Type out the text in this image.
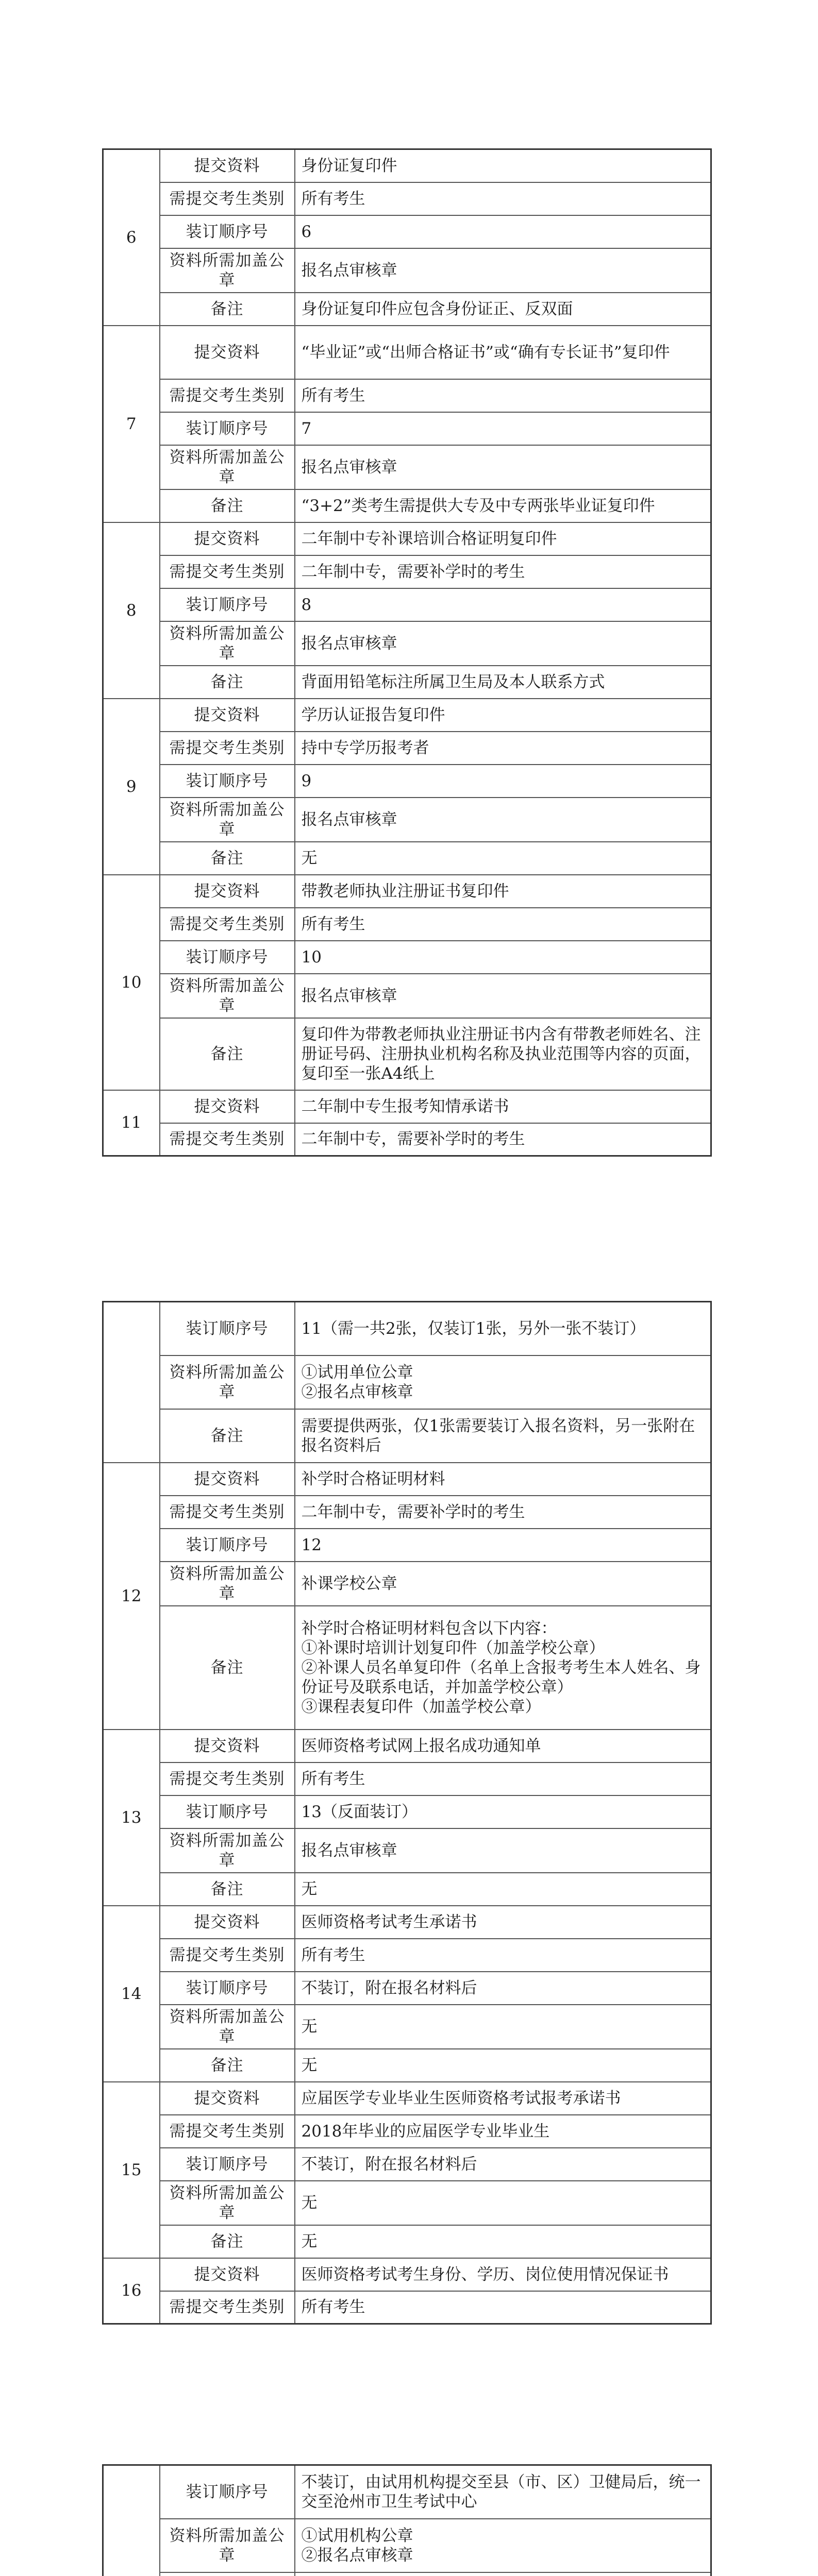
6	提交资料	身份证复印件

	需提交考生类别	所有考生

	装订顺序号	6

	资料所需加盖公章	报名点审核章

	备注	身份证复印件应包含身份证正、反双面

7	提交资料	“毕业证”或“出师合格证书”或“确有专长证书”复印件

	需提交考生类别	所有考生

	装订顺序号	7

	资料所需加盖公章	报名点审核章

	备注	“3+2”类考生需提供大专及中专两张毕业证复印件

8	提交资料	二年制中专补课培训合格证明复印件

	需提交考生类别	二年制中专，需要补学时的考生

	装订顺序号	8

	资料所需加盖公章	报名点审核章

	备注	背面用铅笔标注所属卫生局及本人联系方式

9	提交资料	学历认证报告复印件

	需提交考生类别	持中专学历报考者

	装订顺序号	9

	资料所需加盖公章	报名点审核章

	备注	无

10	提交资料	带教老师执业注册证书复印件

	需提交考生类别	所有考生

	装订顺序号	10

	资料所需加盖公章	报名点审核章

	备注	复印件为带教老师执业注册证书内含有带教老师姓名、注册证号码、注册执业机构名称及执业范围等内容的页面，复印至一张A4纸上

11	提交资料	二年制中专生报考知情承诺书

	需提交考生类别	二年制中专，需要补学时的考生
	装订顺序号	11（需一共2张，仅装订1张，另外一张不装订）

	资料所需加盖公章	①试用单位公章
②报名点审核章

	备注	需要提供两张，仅1张需要装订入报名资料，另一张附在报名资料后

12	提交资料	补学时合格证明材料

	需提交考生类别	二年制中专，需要补学时的考生

	装订顺序号	12

	资料所需加盖公章	补课学校公章

	备注	补学时合格证明材料包含以下内容：
①补课时培训计划复印件（加盖学校公章）
②补课人员名单复印件（名单上含报考考生本人姓名、身份证号及联系电话，并加盖学校公章）
③课程表复印件（加盖学校公章）

13	提交资料	医师资格考试网上报名成功通知单

	需提交考生类别	所有考生

	装订顺序号	13（反面装订）

	资料所需加盖公章	报名点审核章

	备注	无

14	提交资料	医师资格考试考生承诺书

	需提交考生类别	所有考生

	装订顺序号	不装订，附在报名材料后

	资料所需加盖公章	无

	备注	无

15	提交资料	应届医学专业毕业生医师资格考试报考承诺书

	需提交考生类别	2018年毕业的应届医学专业毕业生

	装订顺序号	不装订，附在报名材料后

	资料所需加盖公章	无

	备注	无

16	提交资料	医师资格考试考生身份、学历、岗位使用情况保证书

	需提交考生类别	所有考生
	装订顺序号	不装订，由试用机构提交至县（市、区）卫健局后，统一交至沧州市卫生考试中心

	资料所需加盖公章	①试用机构公章
②报名点审核章
